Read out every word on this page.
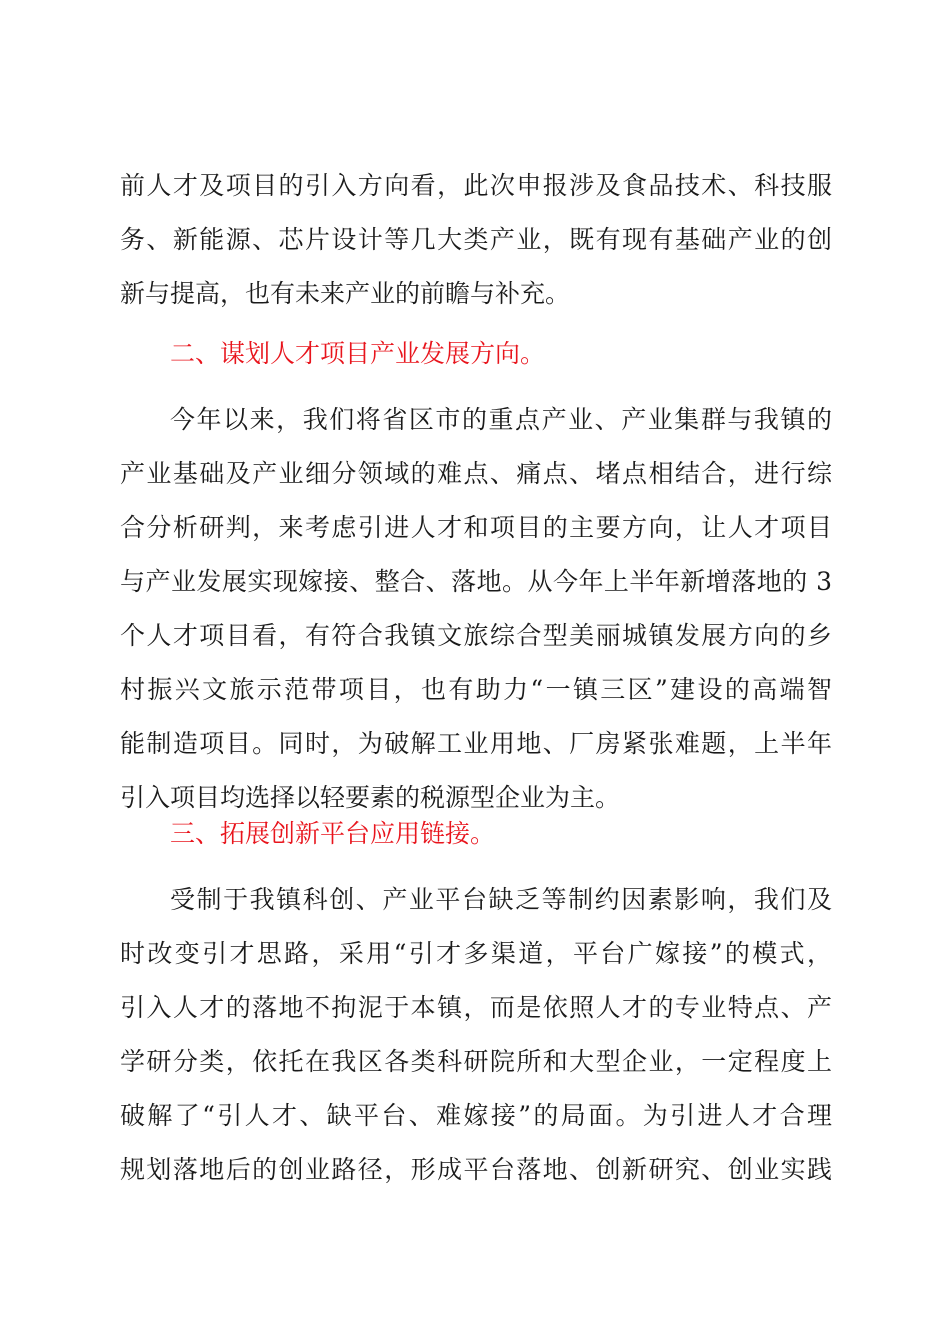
前人才及项目的引入方向看，此次申报涉及食品技术、科技服
务、新能源、芯片设计等几大类产业，既有现有基础产业的创
新与提高，也有未来产业的前瞻与补充。
二、谋划人才项目产业发展方向。
今年以来，我们将省区市的重点产业、产业集群与我镇的
产业基础及产业细分领域的难点、痛点、堵点相结合，进行综
合分析研判，来考虑引进人才和项目的主要方向，让人才项目
与产业发展实现嫁接、整合、落地。从今年上半年新增落地的 3
个人才项目看，有符合我镇文旅综合型美丽城镇发展方向的乡
村振兴文旅示范带项目，也有助力“一镇三区”建设的高端智
能制造项目。同时，为破解工业用地、厂房紧张难题，上半年
引入项目均选择以轻要素的税源型企业为主。
三、拓展创新平台应用链接。
受制于我镇科创、产业平台缺乏等制约因素影响，我们及
时改变引才思路，采用“引才多渠道，平台广嫁接”的模式，
引入人才的落地不拘泥于本镇，而是依照人才的专业特点、产
学研分类，依托在我区各类科研院所和大型企业，一定程度上
破解了“引人才、缺平台、难嫁接”的局面。为引进人才合理
规划落地后的创业路径，形成平台落地、创新研究、创业实践
